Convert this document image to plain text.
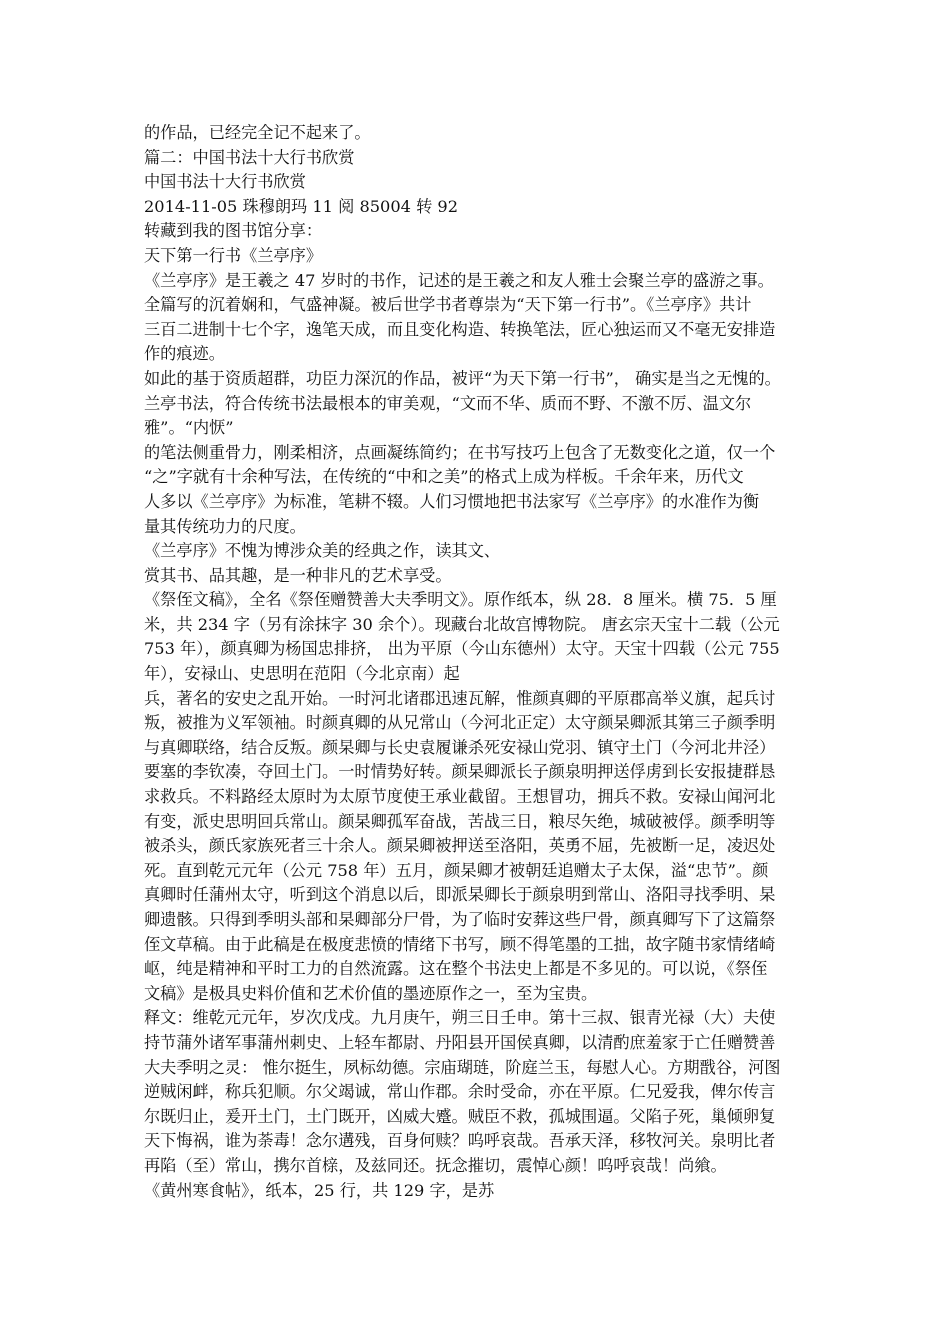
的作品，已经完全记不起来了。
篇二：中国书法十大行书欣赏
中国书法十大行书欣赏
2014-11-05 珠穆朗玛 11 阅 85004 转 92
转藏到我的图书馆分享：
天下第一行书《兰亭序》
《兰亭序》是王羲之 47 岁时的书作，记述的是王羲之和友人雅士会聚兰亭的盛游之事。
全篇写的沉着娴和，气盛神凝。被后世学书者尊崇为“天下第一行书”。《兰亭序》共计
三百二进制十七个字，逸笔天成，而且变化构造、转换笔法，匠心独运而又不毫无安排造
作的痕迹。
如此的基于资质超群，功臣力深沉的作品，被评“为天下第一行书”， 确实是当之无愧的。
兰亭书法，符合传统书法最根本的审美观，“文而不华、质而不野、不激不厉、温文尔
雅”。“内恹”
的笔法侧重骨力，刚柔相济，点画凝练简约；在书写技巧上包含了无数变化之道，仅一个
“之”字就有十余种写法，在传统的“中和之美”的格式上成为样板。千余年来，历代文
人多以《兰亭序》为标准，笔耕不辍。人们习惯地把书法家写《兰亭序》的水准作为衡
量其传统功力的尺度。
《兰亭序》不愧为博涉众美的经典之作，读其文、
赏其书、品其趣，是一种非凡的艺术享受。
《祭侄文稿》，全名《祭侄赠赞善大夫季明文》。原作纸本，纵 28．8 厘米。横 75．5 厘
米，共 234 字（另有涂抹字 30 余个）。现藏台北故宫博物院。 唐玄宗天宝十二载（公元
753 年），颜真卿为杨国忠排挤， 出为平原（今山东德州）太守。天宝十四载（公元 755
年），安禄山、史思明在范阳（今北京南）起
兵，著名的安史之乱开始。一时河北诸郡迅速瓦解，惟颜真卿的平原郡高举义旗，起兵讨
叛，被推为义军领袖。时颜真卿的从兄常山（今河北正定）太守颜杲卿派其第三子颜季明
与真卿联络，结合反叛。颜杲卿与长史袁履谦杀死安禄山党羽、镇守土门（今河北井泾）
要塞的李钦凑，夺回土门。一时情势好转。颜杲卿派长子颜泉明押送俘虏到长安报捷群恳
求救兵。不料路经太原时为太原节度使王承业截留。王想冒功，拥兵不救。安禄山闻河北
有变，派史思明回兵常山。颜杲卿孤军奋战，苦战三日，粮尽矢绝，城破被俘。颜季明等
被杀头，颜氏家族死者三十余人。颜杲卿被押送至洛阳，英勇不屈，先被断一足，凌迟处
死。直到乾元元年（公元 758 年）五月，颜杲卿才被朝廷追赠太子太保，溢“忠节”。颜
真卿时任蒲州太守，听到这个消息以后，即派杲卿长于颜泉明到常山、洛阳寻找季明、杲
卿遗骸。只得到季明头部和杲卿部分尸骨，为了临时安葬这些尸骨，颜真卿写下了这篇祭
侄文草稿。由于此稿是在极度悲愤的情绪下书写，顾不得笔墨的工拙，故字随书家情绪崎
岖，纯是精神和平时工力的自然流露。这在整个书法史上都是不多见的。可以说，《祭侄
文稿》是极具史料价值和艺术价值的墨迹原作之一，至为宝贵。
释文：维乾元元年，岁次戊戌。九月庚午，朔三日壬申。第十三叔、银青光禄（大）夫使
持节蒲外诸军事蒲州刺史、上轻车都尉、丹阳县开国侯真卿，以清酌庶羞家于亡任赠赞善
大夫季明之灵： 惟尔挺生，夙标幼德。宗庙瑚琏，阶庭兰玉，每慰人心。方期戬谷，河图
逆贼闲衅，称兵犯顺。尔父竭诚，常山作郡。余时受命，亦在平原。仁兄爱我，俾尔传言
尔既归止，爰开土门，土门既开，凶威大蹙。贼臣不救，孤城围逼。父陷子死，巢倾卵复
天下悔祸，谁为荼毒！念尔遘残，百身何赎？呜呼哀哉。吾承天泽，移牧河关。泉明比者
再陷（至）常山，携尔首榇，及兹同还。抚念摧切，震悼心颜！呜呼哀哉！尚飨。
《黄州寒食帖》，纸本，25 行，共 129 字，是苏
